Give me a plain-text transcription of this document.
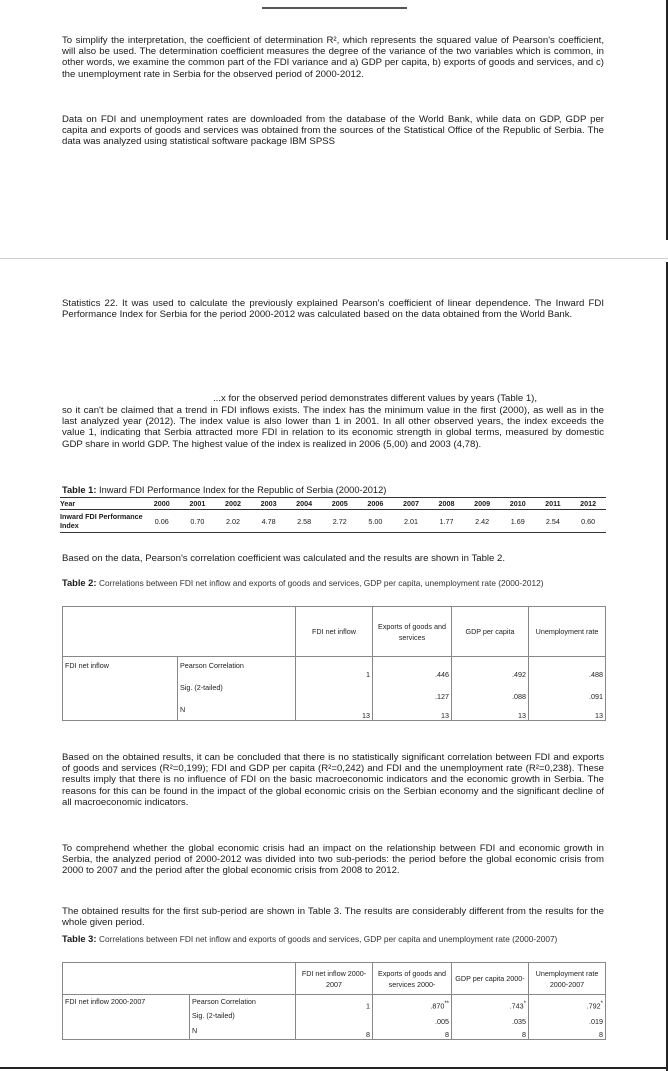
To simplify the interpretation, the coefficient of determination R², which represents the squared value of Pearson's coefficient, will also be used. The determination coefficient measures the degree of the variance of the two variables which is common, in other words, we examine the common part of the FDI variance and a) GDP per capita, b) exports of goods and services, and c) the unemployment rate in Serbia for the observed period of 2000-2012.

Data on FDI and unemployment rates are downloaded from the database of the World Bank, while data on GDP, GDP per capita and exports of goods and services was obtained from the sources of the Statistical Office of the Republic of Serbia. The data was analyzed using statistical software package IBM SPSS

Statistics 22. It was used to calculate the previously explained Pearson's coefficient of linear dependence. The Inward FDI Performance Index for Serbia for the period 2000-2012 was calculated based on the data obtained from the World Bank.

...x for the observed period demonstrates different values by years (Table 1),

so it can't be claimed that a trend in FDI inflows exists. The index has the minimum value in the first (2000), as well as in the last analyzed year (2012). The index value is also lower than 1 in 2001. In all other observed years, the index exceeds the value 1, indicating that Serbia attracted more FDI in relation to its economic strength in global terms, measured by domestic GDP share in world GDP. The highest value of the index is realized in 2006 (5,00) and 2003 (4,78).

Table 1: Inward FDI Performance Index for the Republic of Serbia (2000-2012)

Year	2000	2001	2002	2003	2004	2005	2006	2007	2008	2009	2010	2011	2012
Inward FDI Performance Index	0.06	0.70	2.02	4.78	2.58	2.72	5.00	2.01	1.77	2.42	1.69	2.54	0.60

Based on the data, Pearson's correlation coefficient was calculated and the results are shown in Table 2.

Table 2: Correlations between FDI net inflow and exports of goods and services, GDP per capita, unemployment rate (2000-2012)

		FDI net inflow	Exports of goods and services	GDP per capita	Unemployment rate
FDI net inflow	Pearson Correlation	1	.446	.492	.488
	Sig. (2-tailed)		.127	.088	.091
	N	13	13	13	13

Based on the obtained results, it can be concluded that there is no statistically significant correlation between FDI and exports of goods and services (R²=0,199); FDI and GDP per capita (R²=0,242) and FDI and the unemployment rate (R²=0,238). These results imply that there is no influence of FDI on the basic macroeconomic indicators and the economic growth in Serbia. The reasons for this can be found in the impact of the global economic crisis on the Serbian economy and the significant decline of all macroeconomic indicators.

To comprehend whether the global economic crisis had an impact on the relationship between FDI and economic growth in Serbia, the analyzed period of 2000-2012 was divided into two sub-periods: the period before the global economic crisis from 2000 to 2007 and the period after the global economic crisis from 2008 to 2012.

The obtained results for the first sub-period are shown in Table 3. The results are considerably different from the results for the whole given period.

Table 3: Correlations between FDI net inflow and exports of goods and services, GDP per capita and unemployment rate (2000-2007)

		FDI net inflow 2000-2007	Exports of goods and services 2000-	GDP per capita 2000-	Unemployment rate 2000-2007
FDI net inflow 2000-2007	Pearson Correlation	1	.870**	.743*	.792*
	Sig. (2-tailed)		.005	.035	.019
	N	8	8	8	8
